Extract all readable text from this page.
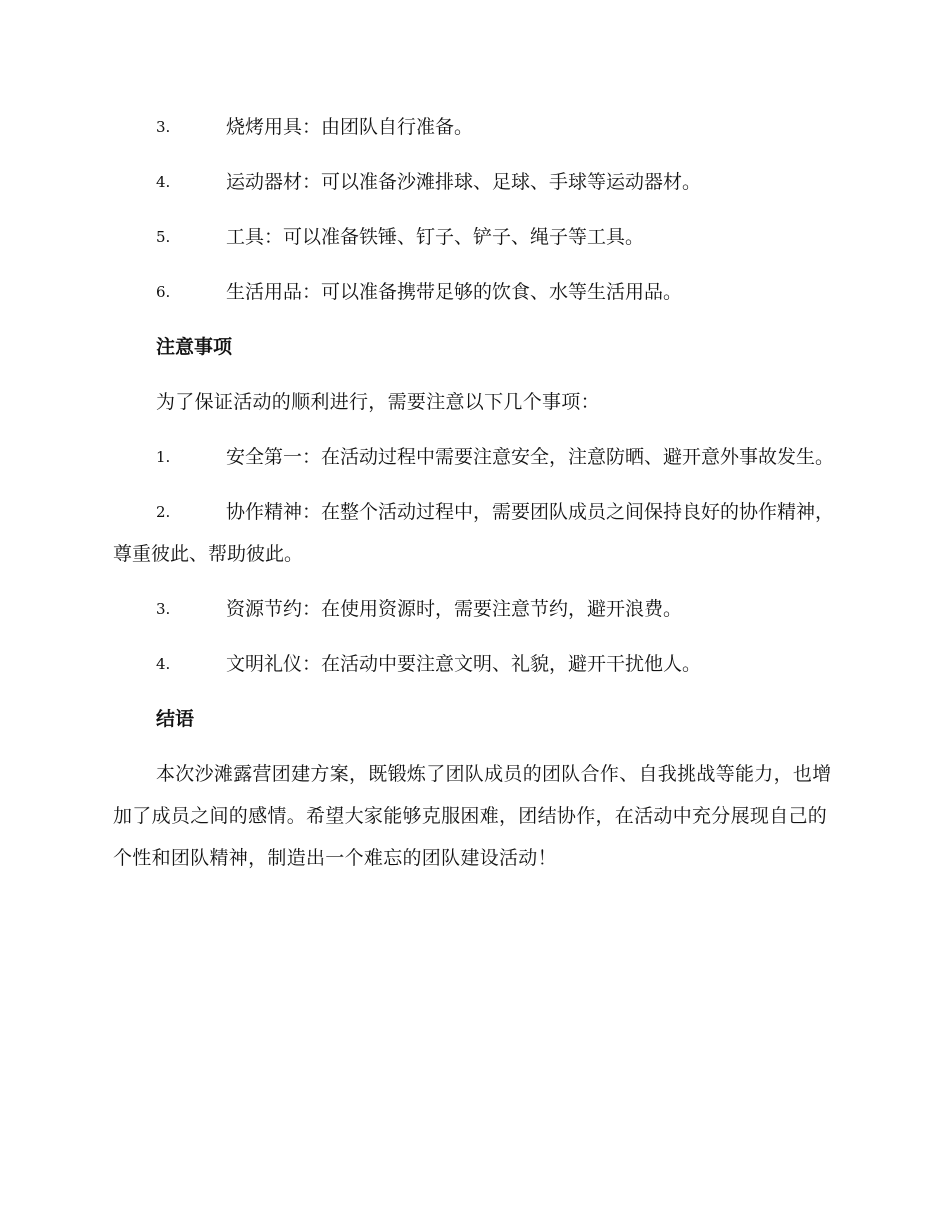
3.	烧烤用具：由团队自行准备。
4.	运动器材：可以准备沙滩排球、足球、手球等运动器材。
5.	工具：可以准备铁锤、钉子、铲子、绳子等工具。
6.	生活用品：可以准备携带足够的饮食、水等生活用品。
注意事项
为了保证活动的顺利进行，需要注意以下几个事项：
1.	安全第一：在活动过程中需要注意安全，注意防晒、避开意外事故发生。
2.	协作精神：在整个活动过程中，需要团队成员之间保持良好的协作精神，尊重彼此、帮助彼此。
3.	资源节约：在使用资源时，需要注意节约，避开浪费。
4.	文明礼仪：在活动中要注意文明、礼貌，避开干扰他人。
结语
本次沙滩露营团建方案，既锻炼了团队成员的团队合作、自我挑战等能力，也增加了成员之间的感情。希望大家能够克服困难，团结协作，在活动中充分展现自己的个性和团队精神，制造出一个难忘的团队建设活动！
